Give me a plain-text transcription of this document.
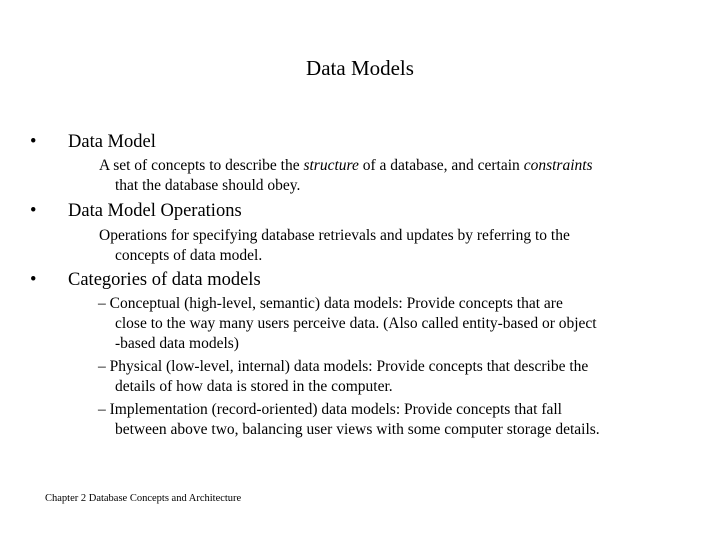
Data Models
• Data Model
A set of concepts to describe the structure of a database, and certain constraints
that the database should obey.
• Data Model Operations
Operations for specifying database retrievals and updates by referring to the
concepts of data model.
• Categories of data models
– Conceptual (high-level, semantic) data models: Provide concepts that are
close to the way many users perceive data. (Also called entity-based or object
-based data models)
– Physical (low-level, internal) data models: Provide concepts that describe the
details of how data is stored in the computer.
– Implementation (record-oriented) data models: Provide concepts that fall
between above two, balancing user views with some computer storage details.
Chapter 2 Database Concepts and Architecture
